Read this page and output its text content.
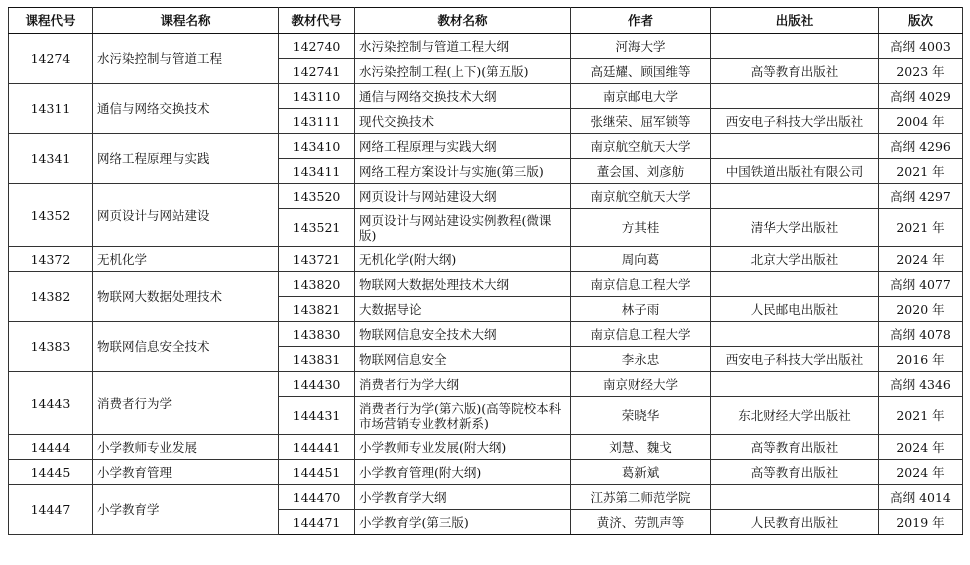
课程代号	课程名称	教材代号	教材名称	作者	出版社	版次
14274	水污染控制与管道工程	142740	水污染控制与管道工程大纲	河海大学		高纲 4003
		142741	水污染控制工程(上下)(第五版)	高廷耀、顾国维等	高等教育出版社	2023 年
14311	通信与网络交换技术	143110	通信与网络交换技术大纲	南京邮电大学		高纲 4029
		143111	现代交换技术	张继荣、屈军锁等	西安电子科技大学出版社	2004 年
14341	网络工程原理与实践	143410	网络工程原理与实践大纲	南京航空航天大学		高纲 4296
		143411	网络工程方案设计与实施(第三版)	董会国、刘彦舫	中国铁道出版社有限公司	2021 年
14352	网页设计与网站建设	143520	网页设计与网站建设大纲	南京航空航天大学		高纲 4297
		143521	网页设计与网站建设实例教程(微课版)	方其桂	清华大学出版社	2021 年
14372	无机化学	143721	无机化学(附大纲)	周向葛	北京大学出版社	2024 年
14382	物联网大数据处理技术	143820	物联网大数据处理技术大纲	南京信息工程大学		高纲 4077
		143821	大数据导论	林子雨	人民邮电出版社	2020 年
14383	物联网信息安全技术	143830	物联网信息安全技术大纲	南京信息工程大学		高纲 4078
		143831	物联网信息安全	李永忠	西安电子科技大学出版社	2016 年
14443	消费者行为学	144430	消费者行为学大纲	南京财经大学		高纲 4346
		144431	消费者行为学(第六版)(高等院校本科市场营销专业教材新系)	荣晓华	东北财经大学出版社	2021 年
14444	小学教师专业发展	144441	小学教师专业发展(附大纲)	刘慧、魏戈	高等教育出版社	2024 年
14445	小学教育管理	144451	小学教育管理(附大纲)	葛新斌	高等教育出版社	2024 年
14447	小学教育学	144470	小学教育学大纲	江苏第二师范学院		高纲 4014
		144471	小学教育学(第三版)	黄济、劳凯声等	人民教育出版社	2019 年
